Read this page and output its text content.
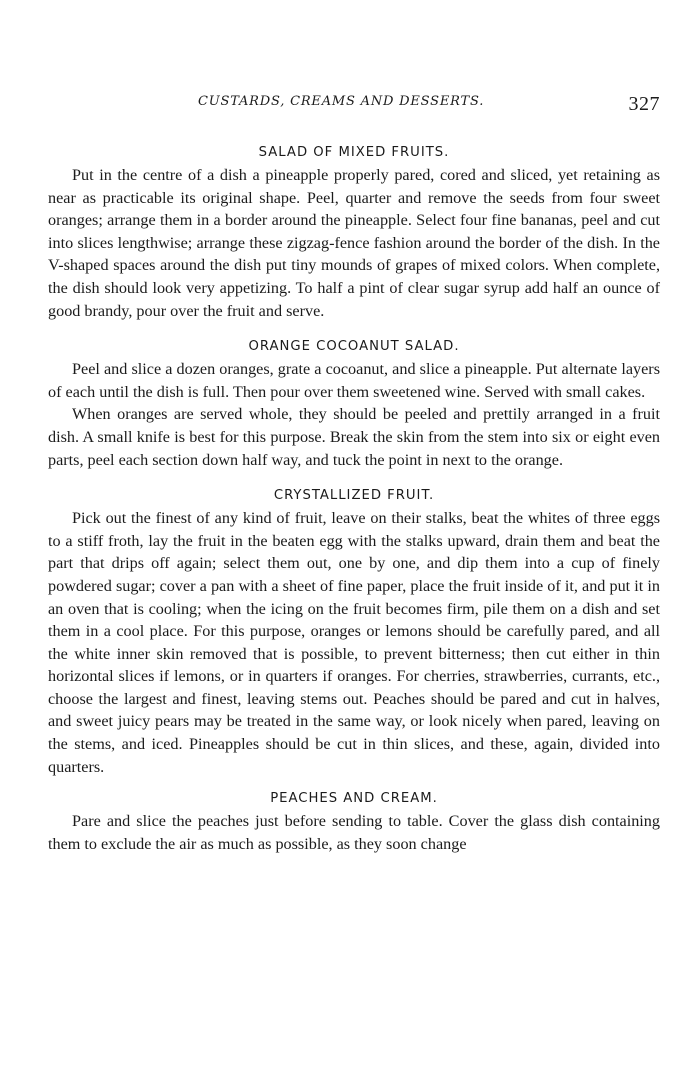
CUSTARDS, CREAMS AND DESSERTS.	327
SALAD OF MIXED FRUITS.

Put in the centre of a dish a pineapple properly pared, cored and sliced, yet retaining as near as practicable its original shape. Peel, quarter and remove the seeds from four sweet oranges; arrange them in a border around the pineapple. Select four fine bananas, peel and cut into slices lengthwise; arrange these zigzag-fence fashion around the border of the dish. In the V-shaped spaces around the dish put tiny mounds of grapes of mixed colors. When complete, the dish should look very appetizing. To half a pint of clear sugar syrup add half an ounce of good brandy, pour over the fruit and serve.

ORANGE COCOANUT SALAD.

Peel and slice a dozen oranges, grate a cocoanut, and slice a pineapple. Put alternate layers of each until the dish is full. Then pour over them sweetened wine. Served with small cakes.

When oranges are served whole, they should be peeled and prettily arranged in a fruit dish. A small knife is best for this purpose. Break the skin from the stem into six or eight even parts, peel each section down half way, and tuck the point in next to the orange.

CRYSTALLIZED FRUIT.

Pick out the finest of any kind of fruit, leave on their stalks, beat the whites of three eggs to a stiff froth, lay the fruit in the beaten egg with the stalks upward, drain them and beat the part that drips off again; select them out, one by one, and dip them into a cup of finely powdered sugar; cover a pan with a sheet of fine paper, place the fruit inside of it, and put it in an oven that is cooling; when the icing on the fruit becomes firm, pile them on a dish and set them in a cool place. For this purpose, oranges or lemons should be carefully pared, and all the white inner skin removed that is possible, to prevent bitterness; then cut either in thin horizontal slices if lemons, or in quarters if oranges. For cherries, strawberries, currants, etc., choose the largest and finest, leaving stems out. Peaches should be pared and cut in halves, and sweet juicy pears may be treated in the same way, or look nicely when pared, leaving on the stems, and iced. Pineapples should be cut in thin slices, and these, again, divided into quarters.

PEACHES AND CREAM.

Pare and slice the peaches just before sending to table. Cover the glass dish containing them to exclude the air as much as possible, as they soon change
